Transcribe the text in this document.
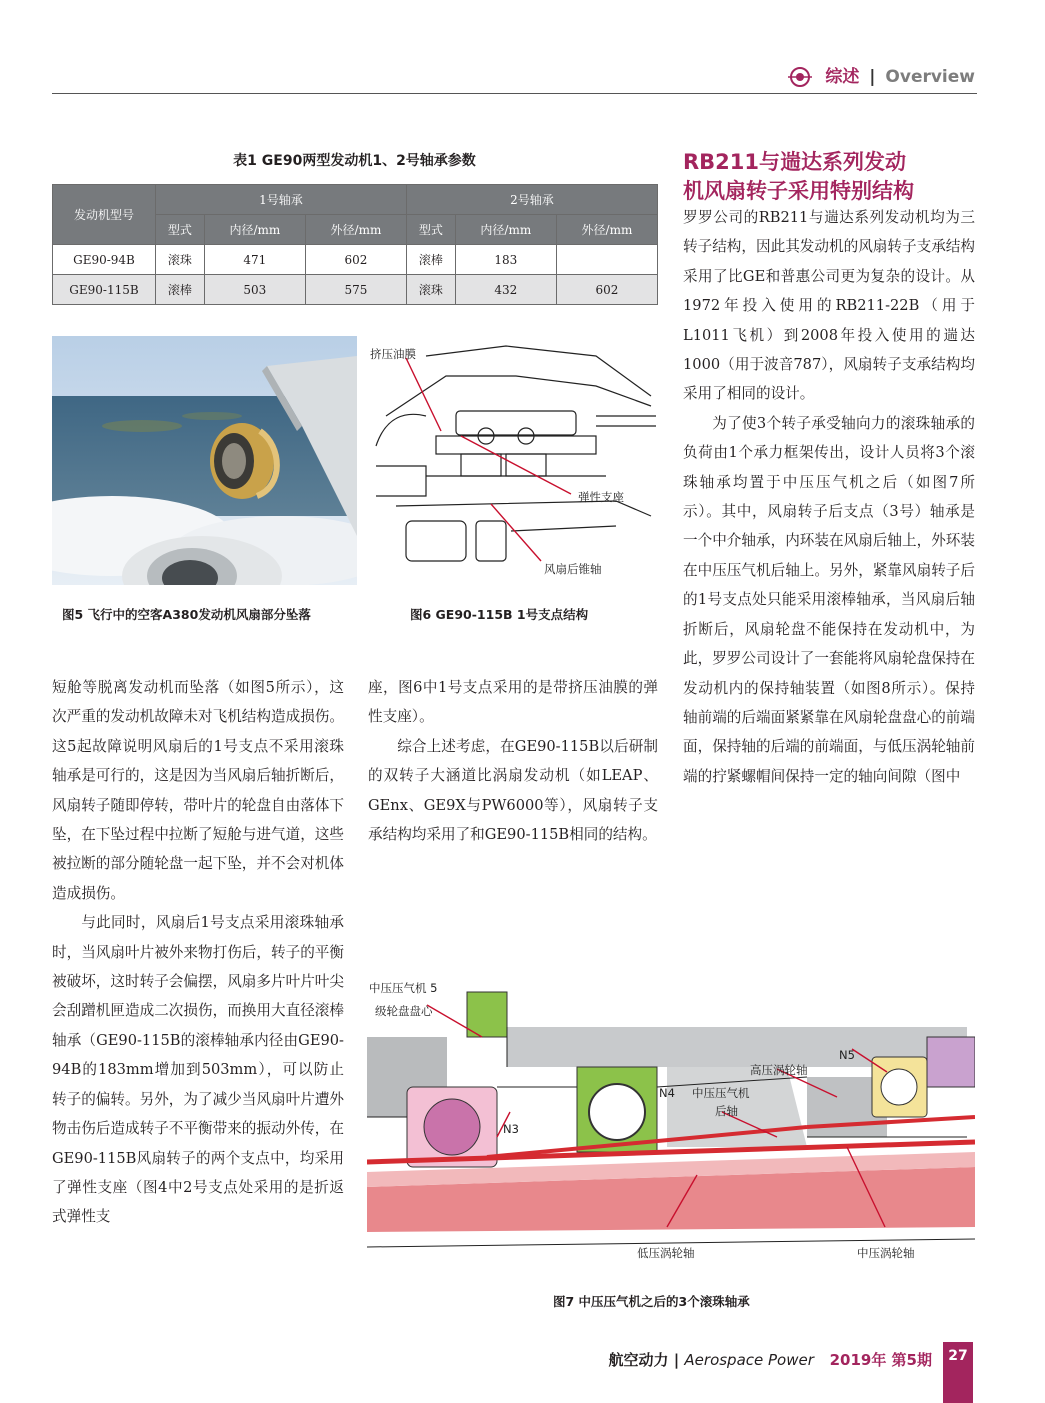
综述 | Overview
表1 GE90两型发动机1、2号轴承参数
发动机型号	1号轴承			2号轴承		
	型式	内径/mm	外径/mm	型式	内径/mm	外径/mm
GE90-94B	滚珠	471	602	滚棒	183	
GE90-115B	滚棒	503	575	滚珠	432	602
挤压油膜
弹性支座
风扇后锥轴
图5 飞行中的空客A380发动机风扇部分坠落	图6 GE90-115B 1号支点结构

短舱等脱离发动机而坠落（如图5所示），这次严重的发动机故障未对飞机结构造成损伤。这5起故障说明风扇后的1号支点不采用滚珠轴承是可行的，这是因为当风扇后轴折断后，风扇转子随即停转，带叶片的轮盘自由落体下坠，在下坠过程中拉断了短舱与进气道，这些被拉断的部分随轮盘一起下坠，并不会对机体造成损伤。

与此同时，风扇后1号支点采用滚珠轴承时，当风扇叶片被外来物打伤后，转子的平衡被破坏，这时转子会偏摆，风扇多片叶片叶尖会刮蹭机匣造成二次损伤，而换用大直径滚棒轴承（GE90-115B的滚棒轴承内径由GE90-94B的183mm增加到503mm），可以防止转子的偏转。另外，为了减少当风扇叶片遭外物击伤后造成转子不平衡带来的振动外传，在GE90-115B风扇转子的两个支点中，均采用了弹性支座（图4中2号支点处采用的是折返式弹性支

座，图6中1号支点采用的是带挤压油膜的弹性支座）。

综合上述考虑，在GE90-115B以后研制的双转子大涵道比涡扇发动机（如LEAP、GEnx、GE9X与PW6000等），风扇转子支承结构均采用了和GE90-115B相同的结构。

RB211与遄达系列发动
机风扇转子采用特别结构

罗罗公司的RB211与遄达系列发动机均为三转子结构，因此其发动机的风扇转子支承结构采用了比GE和普惠公司更为复杂的设计。从1972年投入使用的RB211-22B（用于L1011飞机）到2008年投入使用的遄达1000（用于波音787），风扇转子支承结构均采用了相同的设计。

为了使3个转子承受轴向力的滚珠轴承的负荷由1个承力框架传出，设计人员将3个滚珠轴承均置于中压压气机之后（如图7所示）。其中，风扇转子后支点（3号）轴承是一个中介轴承，内环装在风扇后轴上，外环装在中压压气机后轴上。另外，紧靠风扇转子后的1号支点处只能采用滚棒轴承，当风扇后轴折断后，风扇轮盘不能保持在发动机中，为此，罗罗公司设计了一套能将风扇轮盘保持在发动机内的保持轴装置（如图8所示）。保持轴前端的后端面紧紧靠在风扇轮盘盘心的前端面，保持轴的后端的前端面，与低压涡轮轴前端的拧紧螺帽间保持一定的轴向间隙（图中

中压压气机 5
级轮盘盘心
高压涡轮轴
N5
N4 中压压气机
后轴
N3
低压涡轮轴	中压涡轮轴
图7 中压压气机之后的3个滚珠轴承
航空动力 | Aerospace Power 2019年 第5期	27
